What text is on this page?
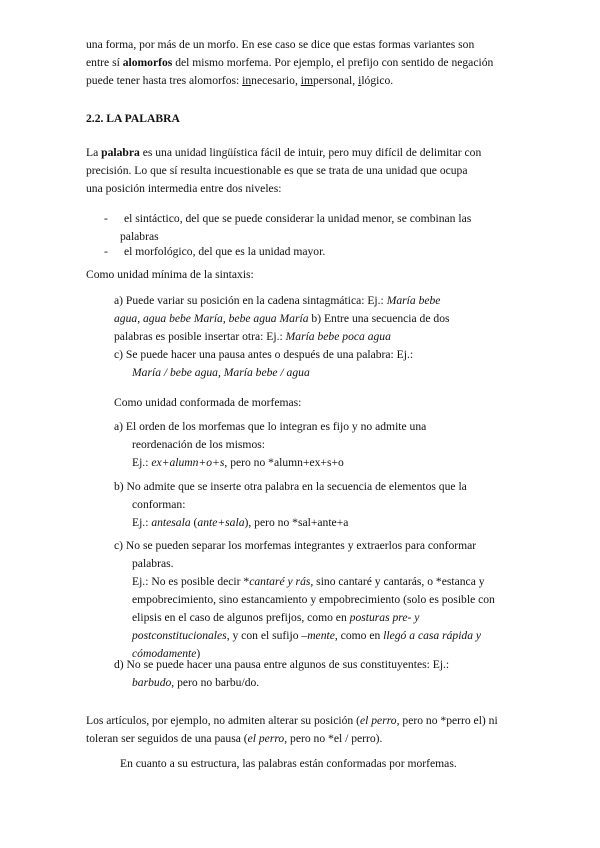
una forma, por más de un morfo. En ese caso se dice que estas formas variantes son
entre sí alomorfos del mismo morfema. Por ejemplo, el prefijo con sentido de negación
puede tener hasta tres alomorfos: innecesario, impersonal, ilógico.
2.2. LA PALABRA
La palabra es una unidad lingüística fácil de intuir, pero muy difícil de delimitar con
precisión. Lo que sí resulta incuestionable es que se trata de una unidad que ocupa
una posición intermedia entre dos niveles:
- el sintáctico, del que se puede considerar la unidad menor, se combinan las
palabras
- el morfológico, del que es la unidad mayor.
Como unidad mínima de la sintaxis:
a) Puede variar su posición en la cadena sintagmática: Ej.: María bebe
agua, agua bebe María, bebe agua María b) Entre una secuencia de dos
palabras es posible insertar otra: Ej.: María bebe poca agua
c) Se puede hacer una pausa antes o después de una palabra: Ej.:
María / bebe agua, María bebe / agua
Como unidad conformada de morfemas:
a) El orden de los morfemas que lo integran es fijo y no admite una
reordenación de los mismos:
Ej.: ex+alumn+o+s, pero no *alumn+ex+s+o
b) No admite que se inserte otra palabra en la secuencia de elementos que la
conforman:
Ej.: antesala (ante+sala), pero no *sal+ante+a
c) No se pueden separar los morfemas integrantes y extraerlos para conformar
palabras.
Ej.: No es posible decir *cantaré y rás, sino cantaré y cantarás, o *estanca y
empobrecimiento, sino estancamiento y empobrecimiento (solo es posible con
elipsis en el caso de algunos prefijos, como en posturas pre- y
postconstitucionales, y con el sufijo –mente, como en llegó a casa rápida y
cómodamente)
d) No se puede hacer una pausa entre algunos de sus constituyentes: Ej.:
barbudo, pero no barbu/do.
Los artículos, por ejemplo, no admiten alterar su posición (el perro, pero no *perro el) ni
toleran ser seguidos de una pausa (el perro, pero no *el / perro).
En cuanto a su estructura, las palabras están conformadas por morfemas.
